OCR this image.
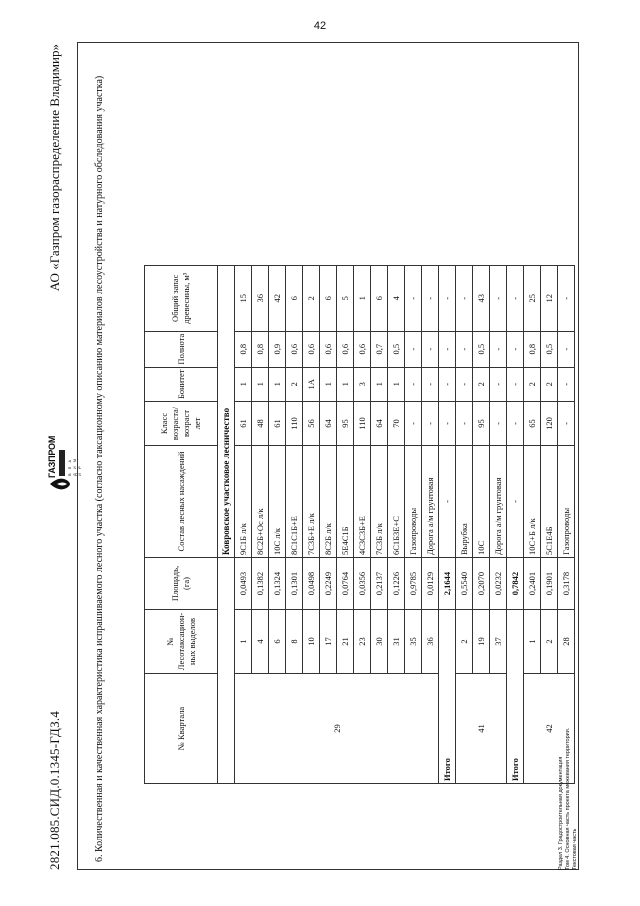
42
2821.085.СИД.0.1345-ГДЗ.4
ГАЗПРОМ	В Л А Д И М И Р
АО «Газпром газораспределение Владимир»	6. Количественная и качественная характеристика испрашиваемого лесного участка (согласно таксационному описанию материалов лесоустройства и натурного обследования участка)	№ Квартала	№ Лесотаксацион-ных выделов	Площадь, (га)	Состав лесных насаждений	Класс возраста/ возраст лет	Бонитет	Полнота	Общий запас древесины, м³
			Ковровское участковое лесничество				
29	1	0,0493	9С1Б л/к	61	1	0,8	15
	4	0,1382	8С2Б+Ос л/к	48	1	0,8	36
	6	0,1324	10С л/к	61	1	0,9	42
	8	0,1301	8С1С1Б+Е	110	2	0,6	6
	10	0,0498	7С3Б+Е л/к	56	1А	0,6	2
	17	0,2249	8С2Б л/к	64	1	0,6	6
	21	0,0764	5Е4С1Б	95	1	0,6	5
	23	0,0356	4С3С3Б+Е	110	3	0,6	1
	30	0,2137	7С3Б л/к	64	1	0,7	6
	31	0,1226	6С1Б3Е+С	70	1	0,5	4
	35	0,9785	Газопроводы	-	-	-	-
	36	0,0129	Дорога а/м грунтовая	-	-	-	-
Итого		2,1644	-	-	-	-	-
41	2	0,5540	Вырубка	-	-	-	-
	19	0,2070	10С	95	2	0,5	43
	37	0,0232	Дорога а/м грунтовая	-	-	-	-
Итого		0,7842	-	-	-	-	-
42	1	0,2401	10С+Б л/к	65	2	0,8	25
	2	0,1901	5С1Е4Б	120	2	0,5	12
	28	0,3178	Газопроводы	-	-	-	-
Раздел 3. Градостроительная документация Том 4. Основная часть проекта межевания территории. Текстовая часть
